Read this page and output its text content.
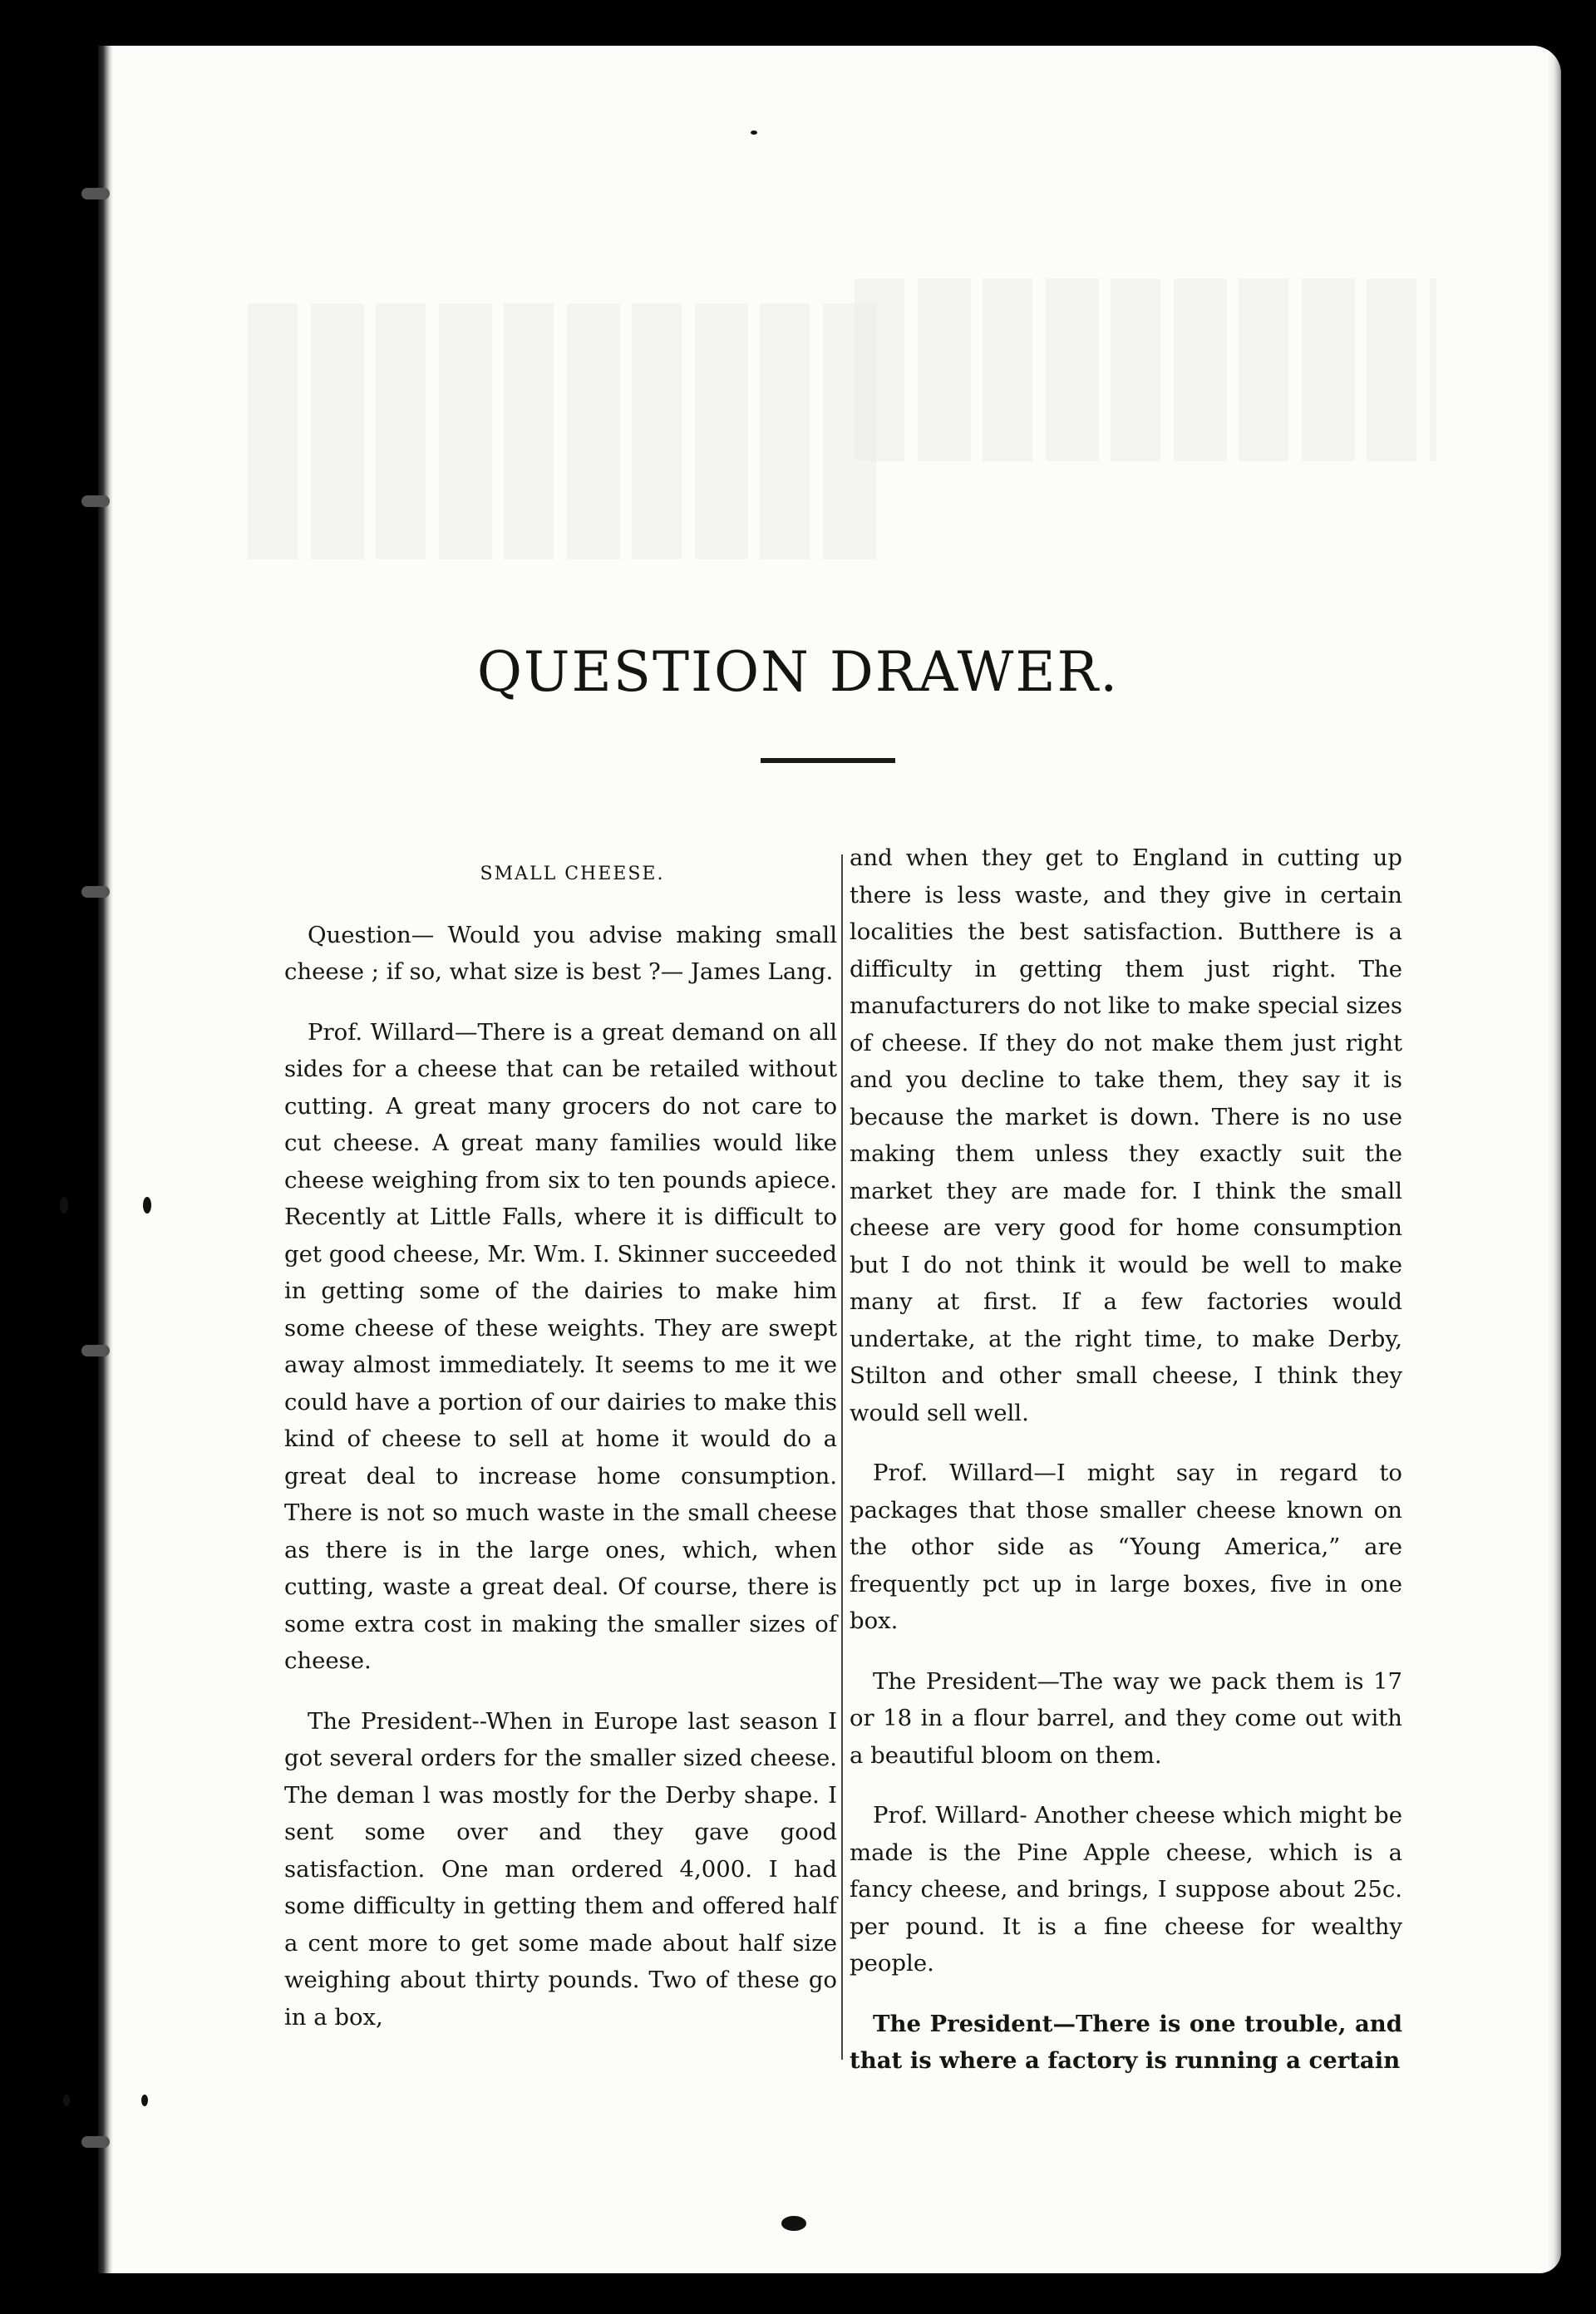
QUESTION DRAWER.

SMALL CHEESE.

Question— Would you advise making small cheese ; if so, what size is best ?— James Lang.

Prof. Willard—There is a great demand on all sides for a cheese that can be retailed without cutting. A great many grocers do not care to cut cheese. A great many families would like cheese weighing from six to ten pounds apiece. Recently at Little Falls, where it is difficult to get good cheese, Mr. Wm. I. Skinner succeeded in getting some of the dairies to make him some cheese of these weights. They are swept away almost immediately. It seems to me it we could have a portion of our dairies to make this kind of cheese to sell at home it would do a great deal to increase home consumption. There is not so much waste in the small cheese as there is in the large ones, which, when cutting, waste a great deal. Of course, there is some extra cost in making the smaller sizes of cheese.

The President--When in Europe last season I got several orders for the smaller sized cheese. The deman l was mostly for the Derby shape. I sent some over and they gave good satisfaction. One man ordered 4,000. I had some difficulty in getting them and offered half a cent more to get some made about half size weighing about thirty pounds. Two of these go in a box,

and when they get to England in cutting up there is less waste, and they give in certain localities the best satisfaction. Butthere is a difficulty in getting them just right. The manufacturers do not like to make special sizes of cheese. If they do not make them just right and you decline to take them, they say it is because the market is down. There is no use making them unless they exactly suit the market they are made for. I think the small cheese are very good for home consumption but I do not think it would be well to make many at first. If a few factories would undertake, at the right time, to make Derby, Stilton and other small cheese, I think they would sell well.

Prof. Willard—I might say in regard to packages that those smaller cheese known on the othor side as “Young America,” are frequently pct up in large boxes, five in one box.

The President—The way we pack them is 17 or 18 in a flour barrel, and they come out with a beautiful bloom on them.

Prof. Willard- Another cheese which might be made is the Pine Apple cheese, which is a fancy cheese, and brings, I suppose about 25c. per pound. It is a fine cheese for wealthy people.

The President—There is one trouble, and that is where a factory is running a certain
